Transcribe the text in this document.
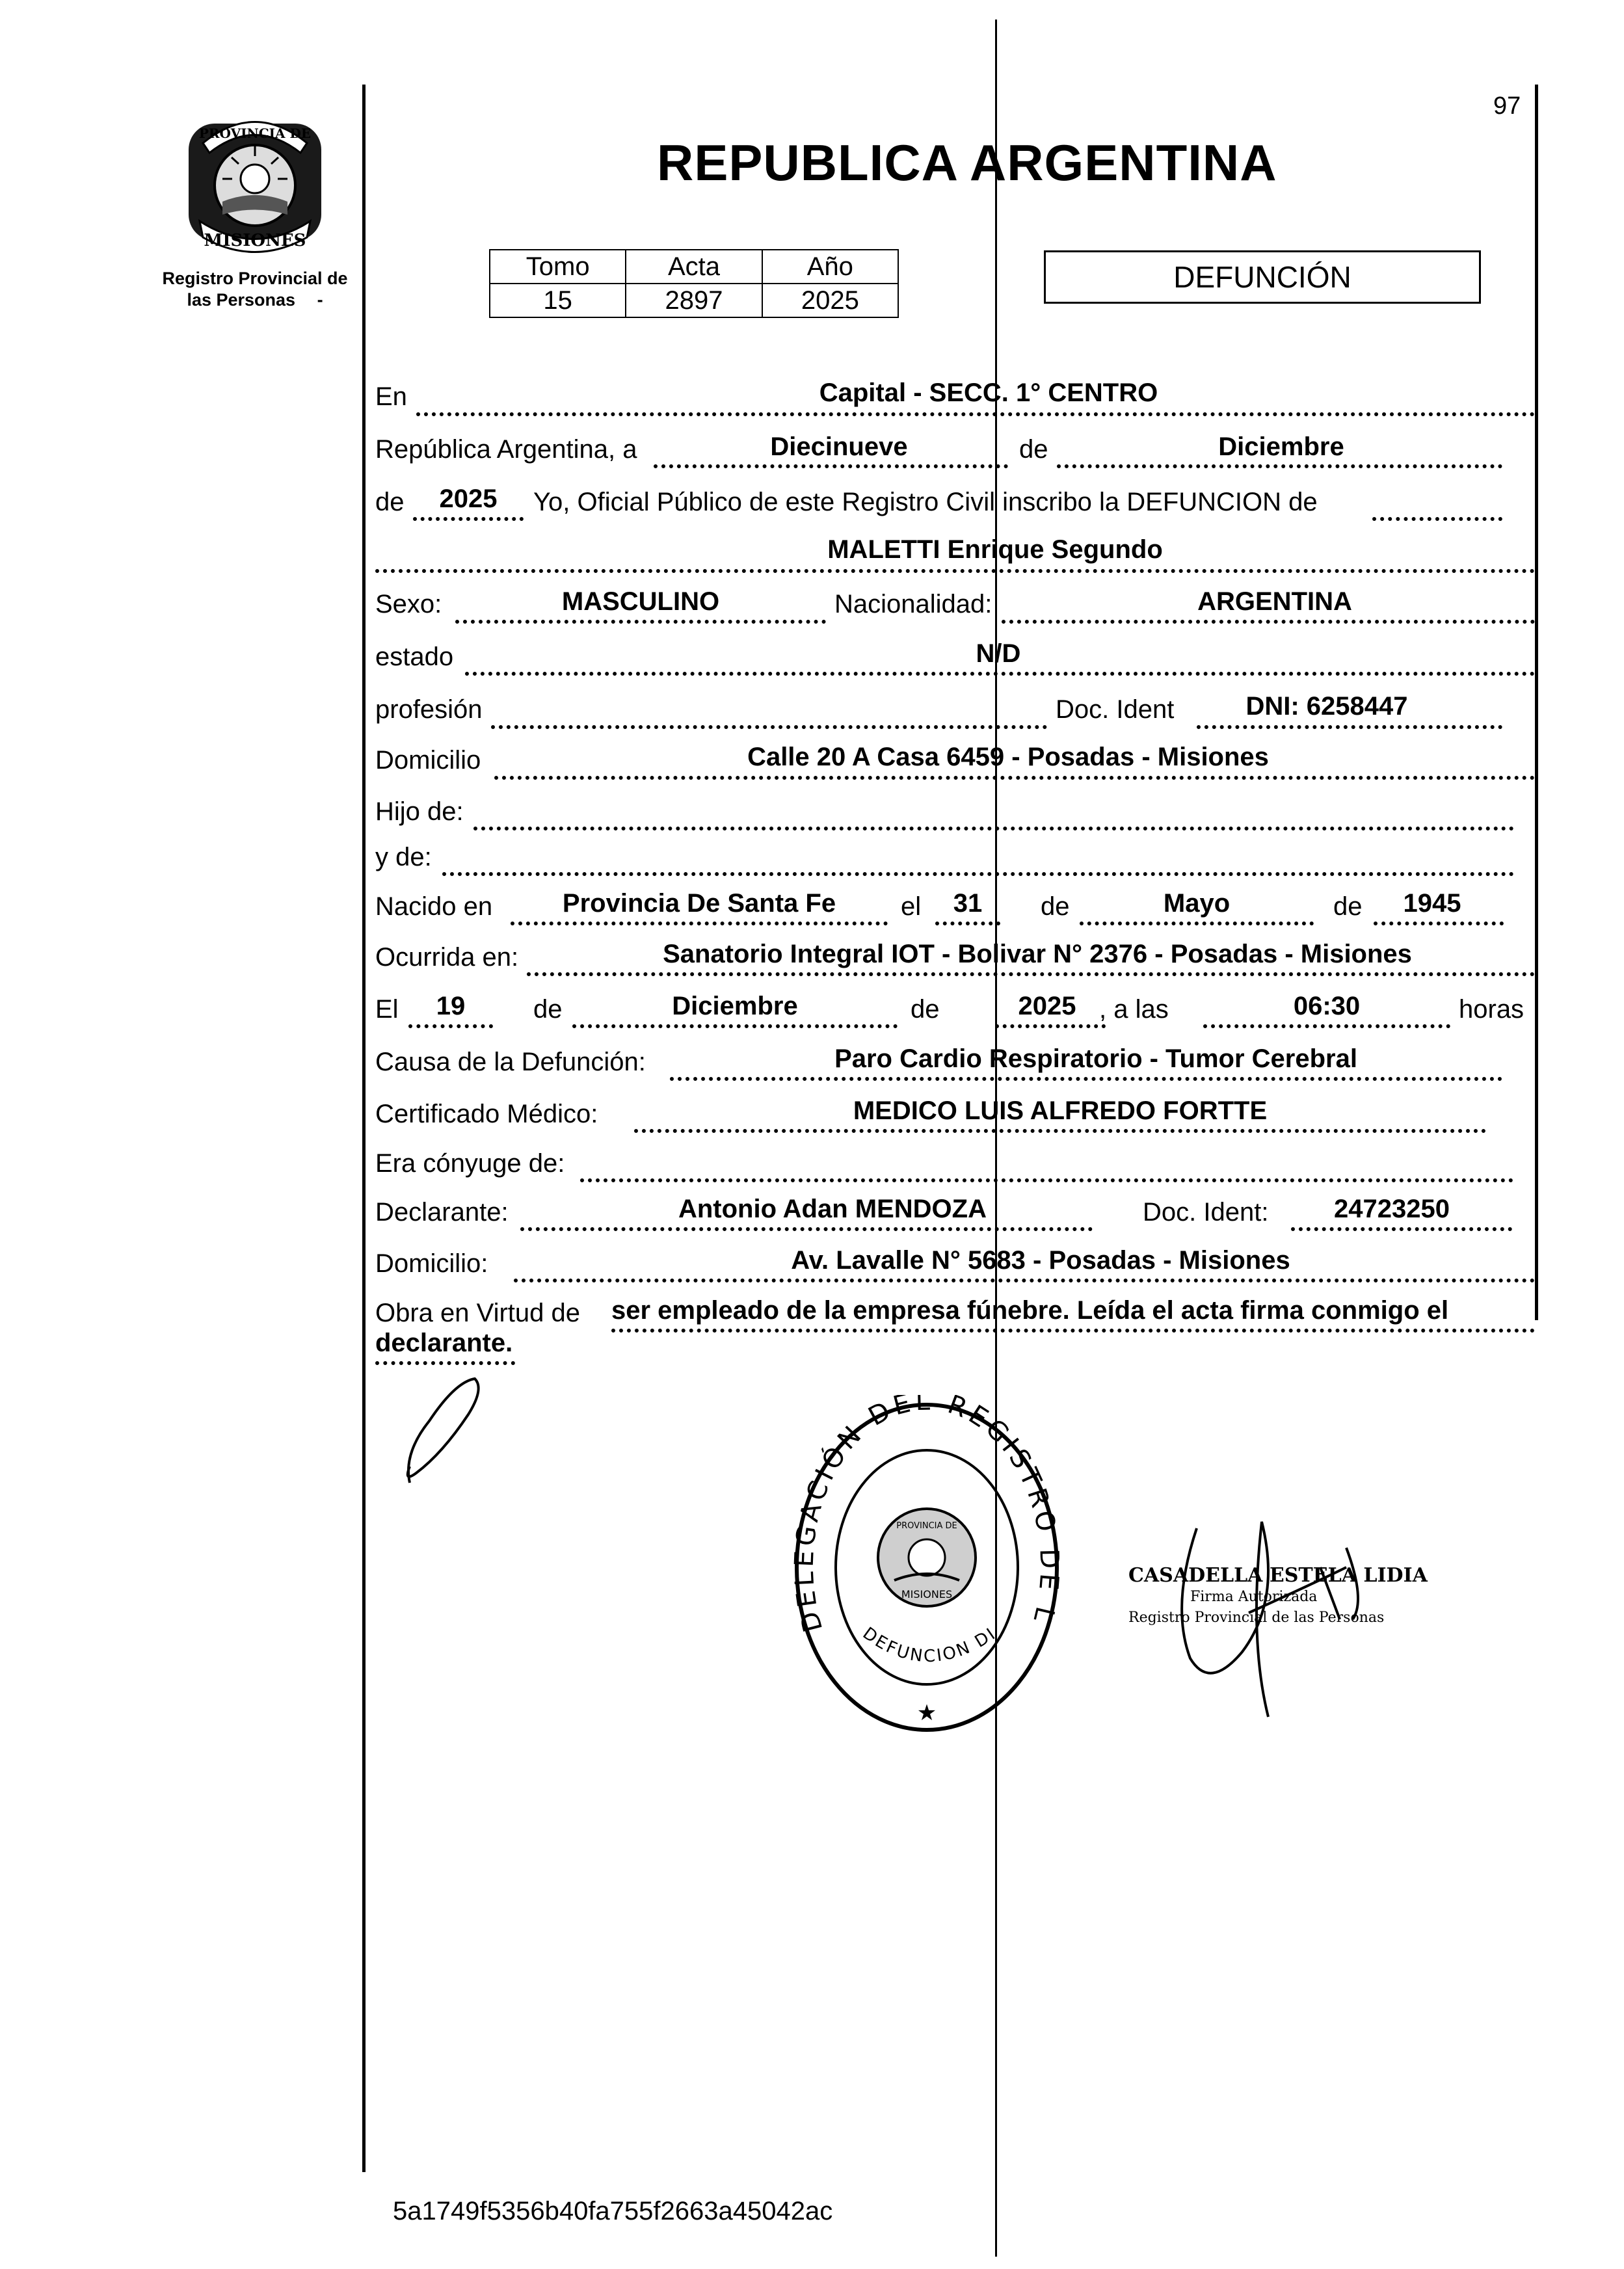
97
PROVINCIA DE
MISIONES
Registro Provincial de
las Personas -
REPUBLICA ARGENTINA
Tomo	Acta	Año
15	2897	2025
DEFUNCIÓN
En	Capital - SECC. 1° CENTRO
República Argentina, a	Diecinueve	de	Diciembre
de	2025	Yo, Oficial Público de este Registro Civil inscribo la DEFUNCION de
MALETTI Enrique Segundo
Sexo:	MASCULINO	Nacionalidad:	ARGENTINA
estado	N/D
profesión	Doc. Ident	DNI: 6258447
Domicilio	Calle 20 A Casa 6459 - Posadas - Misiones
Hijo de:
y de:
Nacido en	Provincia De Santa Fe	el	31	de	Mayo	de	1945
Ocurrida en:	Sanatorio Integral IOT - Bolivar N° 2376 - Posadas - Misiones
El	19	de	Diciembre	de	2025 , a las	06:30	horas
Causa de la Defunción:	Paro Cardio Respiratorio - Tumor Cerebral
Certificado Médico:	MEDICO LUIS ALFREDO FORTTE
Era cónyuge de:
Declarante:	Antonio Adan MENDOZA	Doc. Ident:	24723250
Domicilio:	Av. Lavalle N° 5683 - Posadas - Misiones
Obra en Virtud de ser empleado de la empresa fúnebre. Leída el acta firma conmigo el
declarante.
DELEGACIÓN DEL REGISTRO DE L
PROVINCIA DE
MISIONES
DEFUNCION DI
★
CASADELLA ESTELA LIDIA
Firma Autorizada
Registro Provincial de las Personas
5a1749f5356b40fa755f2663a45042ac
